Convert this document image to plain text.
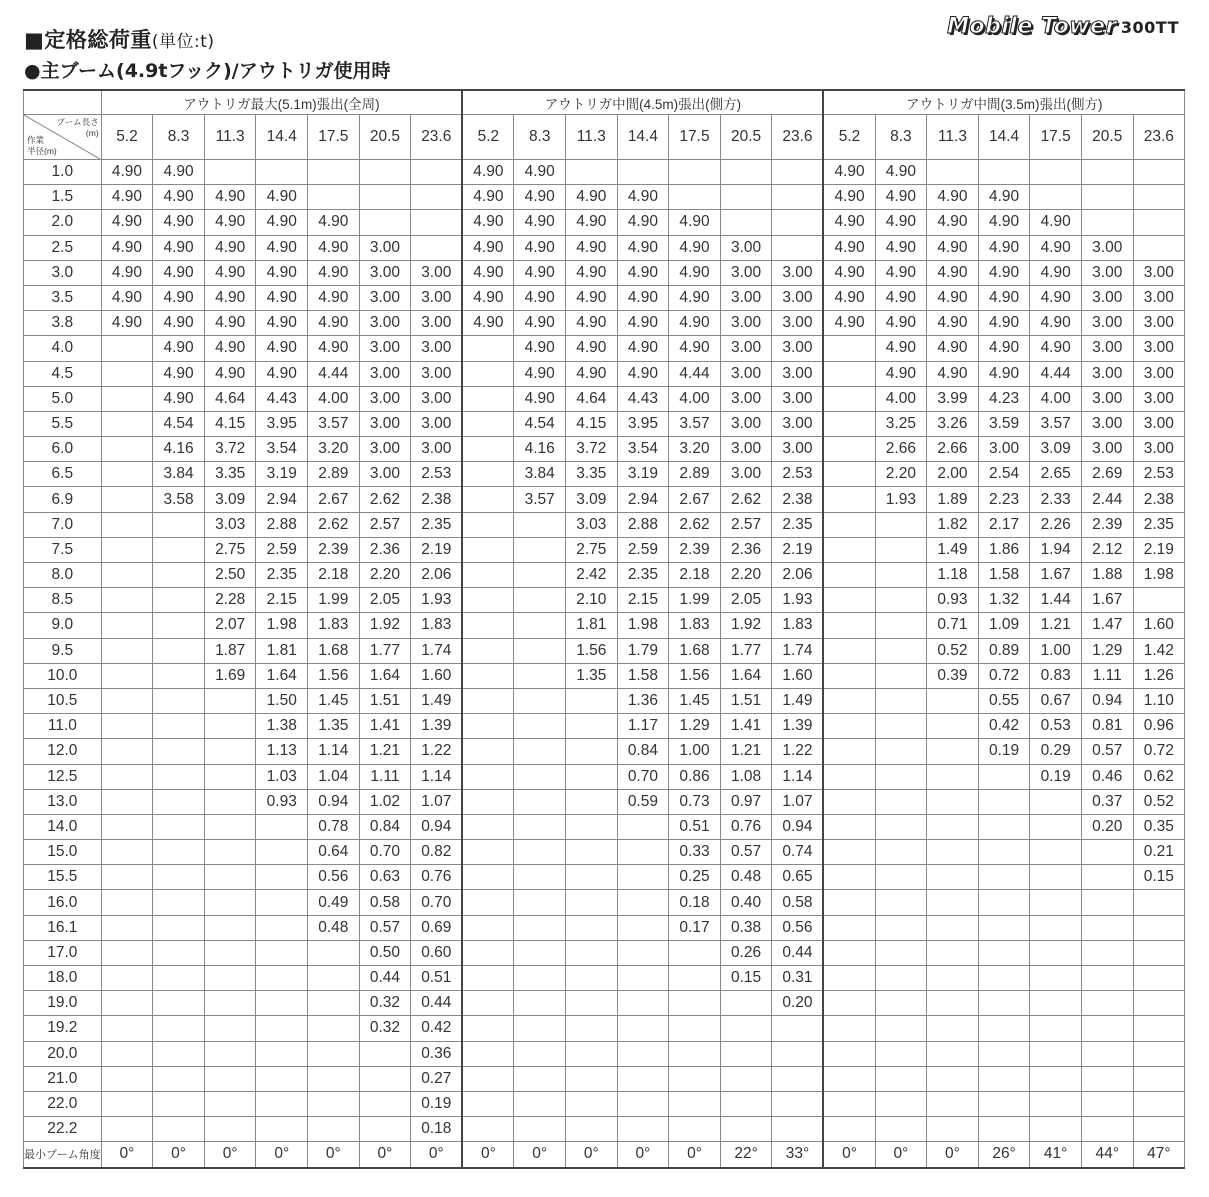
■定格総荷重(単位:t)
●主ブーム(4.9tフック)/アウトリガ使用時
Mobile Tower 300TT
	アウトリガ最大(5.1m)張出(全周)							アウトリガ中間(4.5m)張出(側方)							アウトリガ中間(3.5m)張出(側方)						

ブーム長さ
(m)
作業
半径(m)	5.2	8.3	11.3	14.4	17.5	20.5	23.6	5.2	8.3	11.3	14.4	17.5	20.5	23.6	5.2	8.3	11.3	14.4	17.5	20.5	23.6
1.0	4.90	4.90						4.90	4.90						4.90	4.90					
1.5	4.90	4.90	4.90	4.90				4.90	4.90	4.90	4.90				4.90	4.90	4.90	4.90			
2.0	4.90	4.90	4.90	4.90	4.90			4.90	4.90	4.90	4.90	4.90			4.90	4.90	4.90	4.90	4.90		
2.5	4.90	4.90	4.90	4.90	4.90	3.00		4.90	4.90	4.90	4.90	4.90	3.00		4.90	4.90	4.90	4.90	4.90	3.00	
3.0	4.90	4.90	4.90	4.90	4.90	3.00	3.00	4.90	4.90	4.90	4.90	4.90	3.00	3.00	4.90	4.90	4.90	4.90	4.90	3.00	3.00
3.5	4.90	4.90	4.90	4.90	4.90	3.00	3.00	4.90	4.90	4.90	4.90	4.90	3.00	3.00	4.90	4.90	4.90	4.90	4.90	3.00	3.00
3.8	4.90	4.90	4.90	4.90	4.90	3.00	3.00	4.90	4.90	4.90	4.90	4.90	3.00	3.00	4.90	4.90	4.90	4.90	4.90	3.00	3.00
4.0		4.90	4.90	4.90	4.90	3.00	3.00		4.90	4.90	4.90	4.90	3.00	3.00		4.90	4.90	4.90	4.90	3.00	3.00
4.5		4.90	4.90	4.90	4.44	3.00	3.00		4.90	4.90	4.90	4.44	3.00	3.00		4.90	4.90	4.90	4.44	3.00	3.00
5.0		4.90	4.64	4.43	4.00	3.00	3.00		4.90	4.64	4.43	4.00	3.00	3.00		4.00	3.99	4.23	4.00	3.00	3.00
5.5		4.54	4.15	3.95	3.57	3.00	3.00		4.54	4.15	3.95	3.57	3.00	3.00		3.25	3.26	3.59	3.57	3.00	3.00
6.0		4.16	3.72	3.54	3.20	3.00	3.00		4.16	3.72	3.54	3.20	3.00	3.00		2.66	2.66	3.00	3.09	3.00	3.00
6.5		3.84	3.35	3.19	2.89	3.00	2.53		3.84	3.35	3.19	2.89	3.00	2.53		2.20	2.00	2.54	2.65	2.69	2.53
6.9		3.58	3.09	2.94	2.67	2.62	2.38		3.57	3.09	2.94	2.67	2.62	2.38		1.93	1.89	2.23	2.33	2.44	2.38
7.0			3.03	2.88	2.62	2.57	2.35			3.03	2.88	2.62	2.57	2.35			1.82	2.17	2.26	2.39	2.35
7.5			2.75	2.59	2.39	2.36	2.19			2.75	2.59	2.39	2.36	2.19			1.49	1.86	1.94	2.12	2.19
8.0			2.50	2.35	2.18	2.20	2.06			2.42	2.35	2.18	2.20	2.06			1.18	1.58	1.67	1.88	1.98
8.5			2.28	2.15	1.99	2.05	1.93			2.10	2.15	1.99	2.05	1.93			0.93	1.32	1.44	1.67	
9.0			2.07	1.98	1.83	1.92	1.83			1.81	1.98	1.83	1.92	1.83			0.71	1.09	1.21	1.47	1.60
9.5			1.87	1.81	1.68	1.77	1.74			1.56	1.79	1.68	1.77	1.74			0.52	0.89	1.00	1.29	1.42
10.0			1.69	1.64	1.56	1.64	1.60			1.35	1.58	1.56	1.64	1.60			0.39	0.72	0.83	1.11	1.26
10.5				1.50	1.45	1.51	1.49				1.36	1.45	1.51	1.49				0.55	0.67	0.94	1.10
11.0				1.38	1.35	1.41	1.39				1.17	1.29	1.41	1.39				0.42	0.53	0.81	0.96
12.0				1.13	1.14	1.21	1.22				0.84	1.00	1.21	1.22				0.19	0.29	0.57	0.72
12.5				1.03	1.04	1.11	1.14				0.70	0.86	1.08	1.14					0.19	0.46	0.62
13.0				0.93	0.94	1.02	1.07				0.59	0.73	0.97	1.07						0.37	0.52
14.0					0.78	0.84	0.94					0.51	0.76	0.94						0.20	0.35
15.0					0.64	0.70	0.82					0.33	0.57	0.74							0.21
15.5					0.56	0.63	0.76					0.25	0.48	0.65							0.15
16.0					0.49	0.58	0.70					0.18	0.40	0.58							
16.1					0.48	0.57	0.69					0.17	0.38	0.56							
17.0						0.50	0.60						0.26	0.44							
18.0						0.44	0.51						0.15	0.31							
19.0						0.32	0.44							0.20							
19.2						0.32	0.42														
20.0							0.36														
21.0							0.27														
22.0							0.19														
22.2							0.18														
最小ブーム角度	0°	0°	0°	0°	0°	0°	0°	0°	0°	0°	0°	0°	22°	33°	0°	0°	0°	26°	41°	44°	47°
